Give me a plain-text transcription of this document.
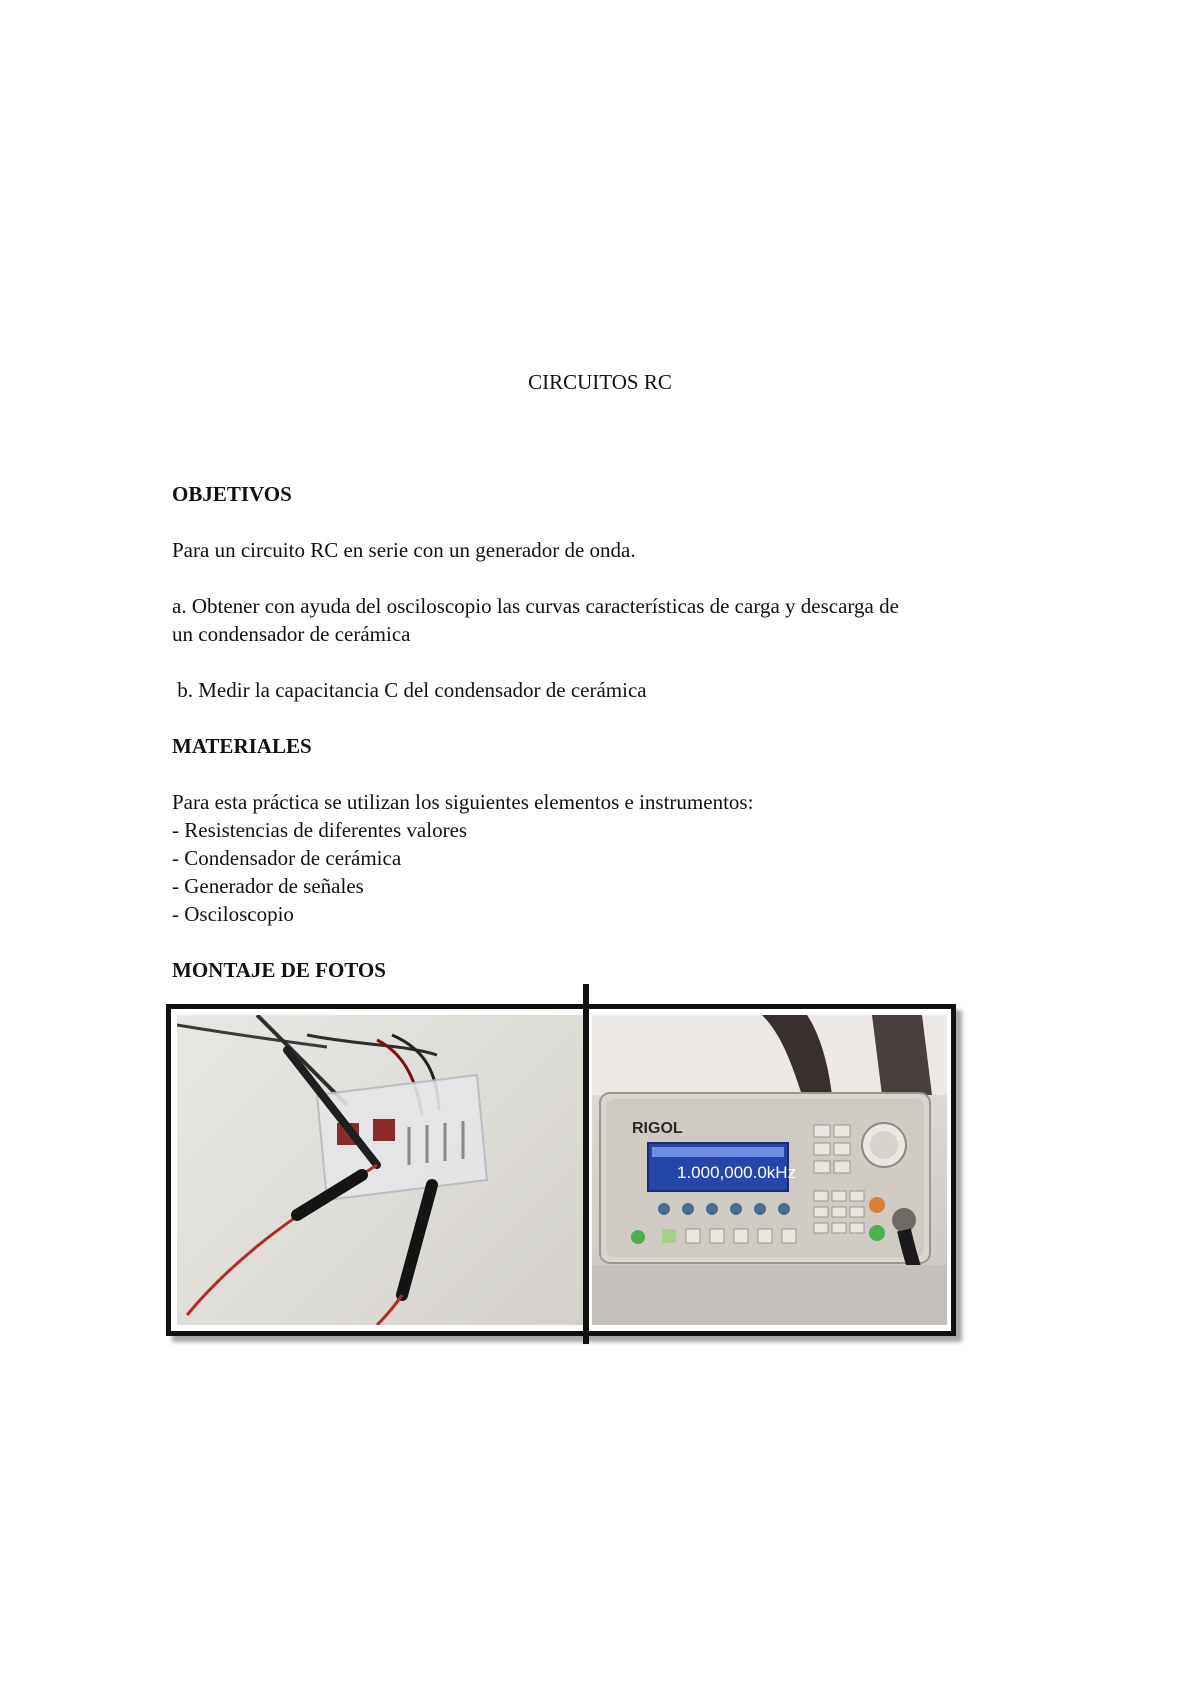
CIRCUITOS RC
OBJETIVOS
Para un circuito RC en serie con un generador de onda.
a. Obtener con ayuda del osciloscopio las curvas características de carga y descarga de
un condensador de cerámica
b. Medir la capacitancia C del condensador de cerámica
MATERIALES
Para esta práctica se utilizan los siguientes elementos e instrumentos:
- Resistencias de diferentes valores
- Condensador de cerámica
- Generador de señales
- Osciloscopio
MONTAJE DE FOTOS
RIGOL
1.000,000.0kHz
